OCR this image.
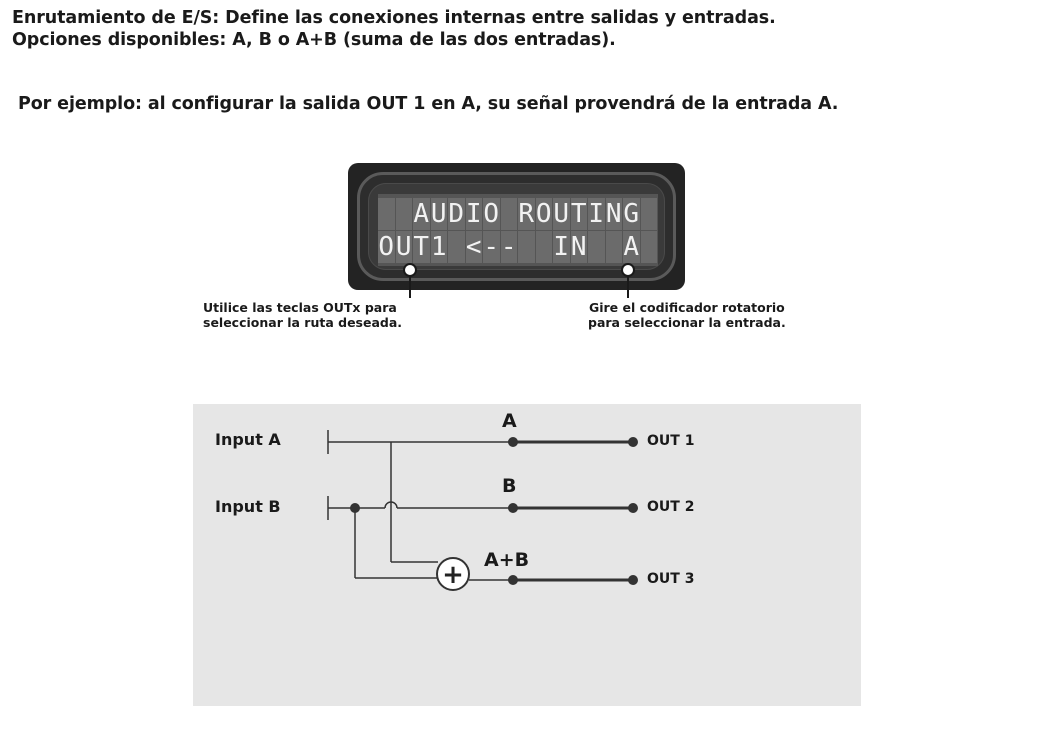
Enrutamiento de E/S: Define las conexiones internas entre salidas y entradas.
Opciones disponibles: A, B o A+B (suma de las dos entradas).
Por ejemplo: al configurar la salida OUT 1 en A, su señal provendrá de la entrada A.

A U D I O
R O U T I N G

O U T 1
< - -

I N

A

Utilice las teclas OUTx para
seleccionar la ruta deseada.
Gire el codificador rotatorio
para seleccionar la entrada.
+
Input A
Input B
A
B
A+B
OUT 1
OUT 2
OUT 3
